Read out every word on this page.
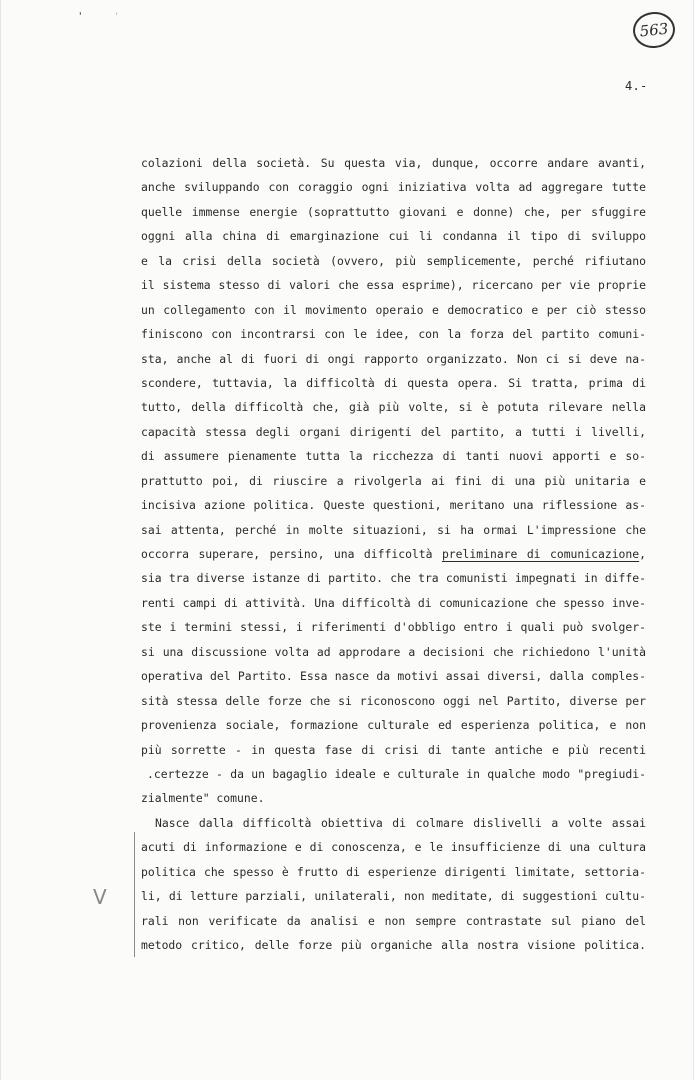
'	'
563
4.-
V
colazioni della società. Su questa via, dunque, occorre andare avanti,
anche sviluppando con coraggio ogni iniziativa volta ad aggregare tutte
quelle immense energie (soprattutto giovani e donne) che, per sfuggire
oggni alla china di emarginazione cui li condanna il tipo di sviluppo
e la crisi della società (ovvero, più semplicemente, perché rifiutano
il sistema stesso di valori che essa esprime), ricercano per vie proprie
un collegamento con il movimento operaio e democratico e per ciò stesso
finiscono con incontrarsi con le idee, con la forza del partito comuni-
sta, anche al di fuori di ongi rapporto organizzato. Non ci si deve na-
scondere, tuttavia, la difficoltà di questa opera. Si tratta, prima di
tutto, della difficoltà che, già più volte, si è potuta rilevare nella
capacità stessa degli organi dirigenti del partito, a tutti i livelli,
di assumere pienamente tutta la ricchezza di tanti nuovi apporti e so-
prattutto poi, di riuscire a rivolgerla ai fini di una più unitaria e
incisiva azione politica. Queste questioni, meritano una riflessione as-
sai attenta, perché in molte situazioni, si ha ormai L'impressione che
occorra superare, persino, una difficoltà preliminare di comunicazione,
sia tra diverse istanze di partito. che tra comunisti impegnati in diffe-
renti campi di attività. Una difficoltà di comunicazione che spesso inve-
ste i termini stessi, i riferimenti d'obbligo entro i quali può svolger-
si una discussione volta ad approdare a decisioni che richiedono l'unità
operativa del Partito. Essa nasce da motivi assai diversi, dalla comples-
sità stessa delle forze che si riconoscono oggi nel Partito, diverse per
provenienza sociale, formazione culturale ed esperienza politica, e non
più sorrette - in questa fase di crisi di tante antiche e più recenti
.certezze - da un bagaglio ideale e culturale in qualche modo "pregiudi-
zialmente" comune.
Nasce dalla difficoltà obiettiva di colmare dislivelli a volte assai
acuti di informazione e di conoscenza, e le insufficienze di una cultura
politica che spesso è frutto di esperienze dirigenti limitate, settoria-
li, di letture parziali, unilaterali, non meditate, di suggestioni cultu-
rali non verificate da analisi e non sempre contrastate sul piano del
metodo critico, delle forze più organiche alla nostra visione politica.
